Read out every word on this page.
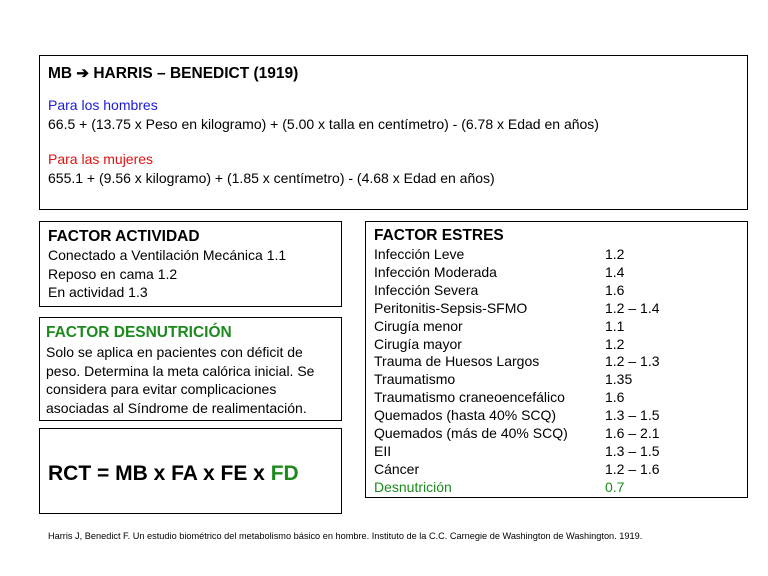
MB ➔ HARRIS – BENEDICT (1919)
Para los hombres
66.5 + (13.75 x Peso en kilogramo) + (5.00 x talla en centímetro) - (6.78 x Edad en años)
Para las mujeres
655.1 + (9.56 x kilogramo) + (1.85 x centímetro) - (4.68 x Edad en años)
FACTOR ACTIVIDAD
Conectado a Ventilación Mecánica 1.1
Reposo en cama 1.2
En actividad 1.3
FACTOR DESNUTRICIÓN
Solo se aplica en pacientes con déficit de peso. Determina la meta calórica inicial. Se considera para evitar complicaciones asociadas al Síndrome de realimentación.
RCT = MB x FA x FE x FD
FACTOR ESTRES
Infección Leve	1.2
Infección Moderada	1.4
Infección Severa	1.6
Peritonitis-Sepsis-SFMO	1.2 – 1.4
Cirugía menor	1.1
Cirugía mayor	1.2
Trauma de Huesos Largos	1.2 – 1.3
Traumatismo	1.35
Traumatismo craneoencefálico	1.6
Quemados (hasta 40% SCQ)	1.3 – 1.5
Quemados (más de 40% SCQ)	1.6 – 2.1
EII	1.3 – 1.5
Cáncer	1.2 – 1.6
Desnutrición	0.7
Harris J, Benedict F. Un estudio biométrico del metabolismo básico en hombre. Instituto de la C.C. Carnegie de Washington de Washington. 1919.
